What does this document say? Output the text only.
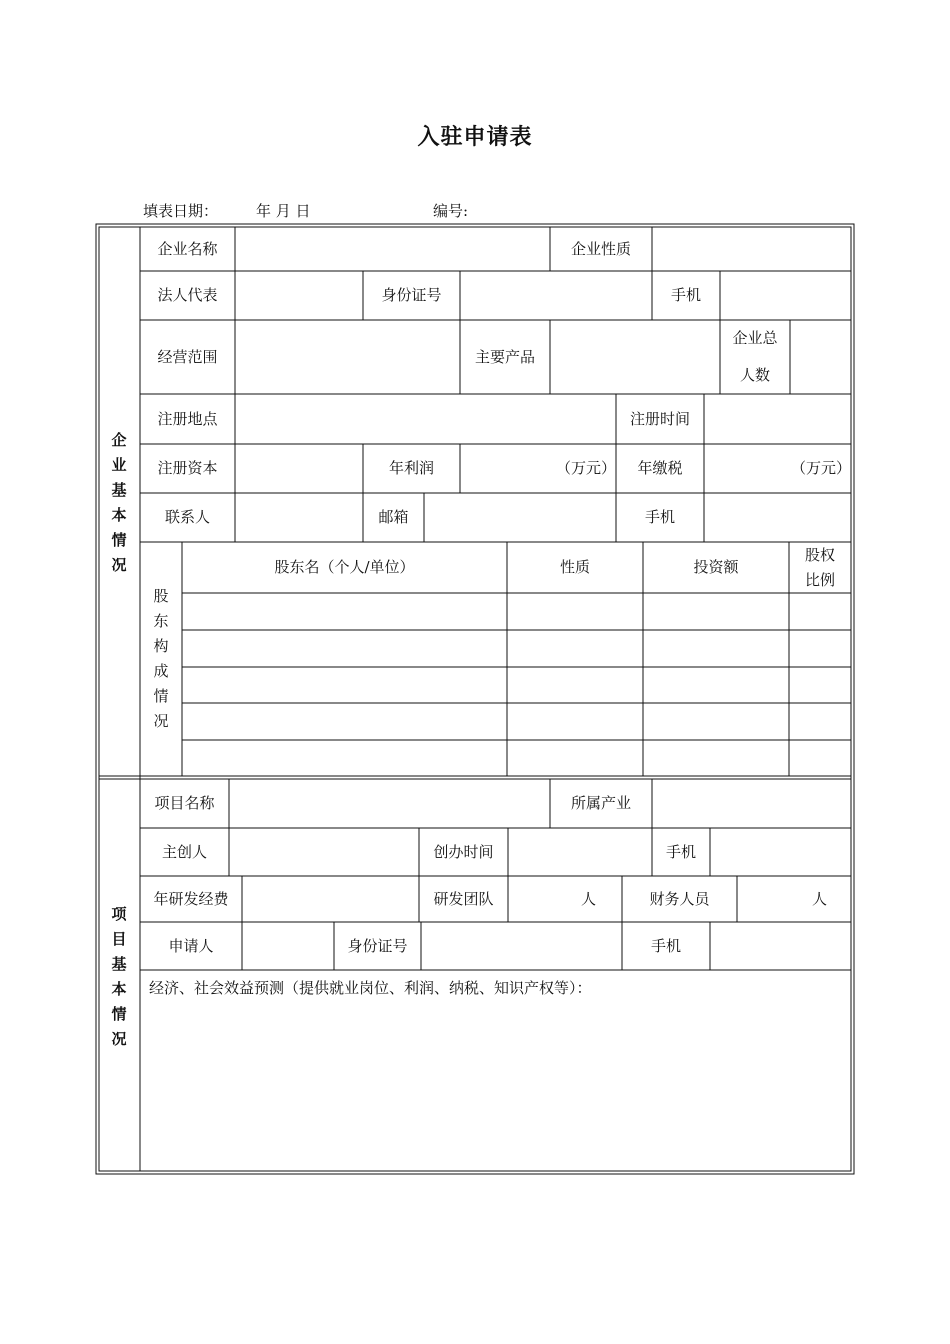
入驻申请表
填表日期：	年 月 日	编号:
企业基本情况
企业名称	企业性质
法人代表	身份证号	手机
经营范围	主要产品
企业总
人数
注册地点	注册时间
注册资本	年利润	（万元）	年缴税	（万元）
联系人	邮箱	手机
股东构成情况
股东名（个人/单位）	性质	投资额
股权
比例
项目基本情况
项目名称	所属产业
主创人	创办时间	手机
年研发经费	研发团队	人	财务人员	人
申请人	身份证号	手机
经济、社会效益预测（提供就业岗位、利润、纳税、知识产权等）：
